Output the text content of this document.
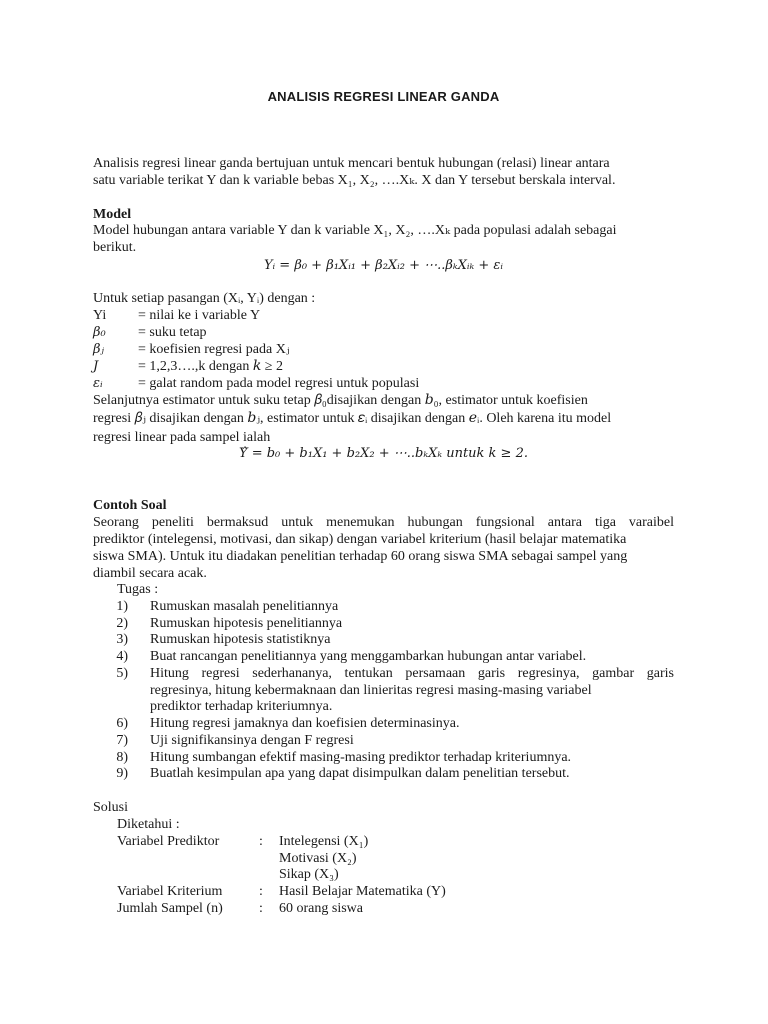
ANALISIS REGRESI LINEAR GANDA
Analisis regresi linear ganda bertujuan untuk mencari bentuk hubungan (relasi) linear antara
satu variable terikat Y dan k variable bebas X₁, X₂, ….Xₖ. X dan Y tersebut berskala interval.
Model
Model hubungan antara variable Y dan k variable X₁, X₂, ….Xₖ pada populasi adalah sebagai
berikut.
𝑌ᵢ = 𝛽₀ + 𝛽₁𝑋ᵢ₁ + 𝛽₂𝑋ᵢ₂ + ⋯..𝛽ₖ𝑋ᵢₖ + 𝜀ᵢ
Untuk setiap pasangan (Xᵢ, Yᵢ) dengan :
Yi = nilai ke i variable Y
𝛽₀ = suku tetap
𝛽ⱼ = koefisien regresi pada Xⱼ
𝐽	= 1,2,3….,k dengan 𝑘 ≥ 2
𝜀ᵢ	= galat random pada model regresi untuk populasi
Selanjutnya estimator untuk suku tetap 𝛽₀disajikan dengan 𝑏₀, estimator untuk koefisien
regresi 𝛽ⱼ disajikan dengan 𝑏ⱼ, estimator untuk 𝜀ᵢ disajikan dengan 𝑒ᵢ. Oleh karena itu model
regresi linear pada sampel ialah
𝑌̂ = 𝑏₀ + 𝑏₁𝑋₁ + 𝑏₂𝑋₂ + ⋯..𝑏ₖ𝑋ₖ untuk 𝑘 ≥ 2.
Contoh Soal
Seorang peneliti bermaksud untuk menemukan hubungan fungsional antara tiga varaibel
prediktor (intelegensi, motivasi, dan sikap) dengan variabel kriterium (hasil belajar matematika
siswa SMA). Untuk itu diadakan penelitian terhadap 60 orang siswa SMA sebagai sampel yang
diambil secara acak.
Tugas :
1) Rumuskan masalah penelitiannya
2) Rumuskan hipotesis penelitiannya
3) Rumuskan hipotesis statistiknya
4) Buat rancangan penelitiannya yang menggambarkan hubungan antar variabel.
5) Hitung regresi sederhananya, tentukan persamaan garis regresinya, gambar garis
regresinya, hitung kebermaknaan dan linieritas regresi masing-masing variabel
prediktor terhadap kriteriumnya.
6) Hitung regresi jamaknya dan koefisien determinasinya.
7) Uji signifikansinya dengan F regresi
8) Hitung sumbangan efektif masing-masing prediktor terhadap kriteriumnya.
9) Buatlah kesimpulan apa yang dapat disimpulkan dalam penelitian tersebut.
Solusi
Diketahui :
Variabel Prediktor	: Intelegensi (X₁)
Motivasi (X₂)
Sikap (X₃)
Variabel Kriterium	: Hasil Belajar Matematika (Y)
Jumlah Sampel (n)	: 60 orang siswa
